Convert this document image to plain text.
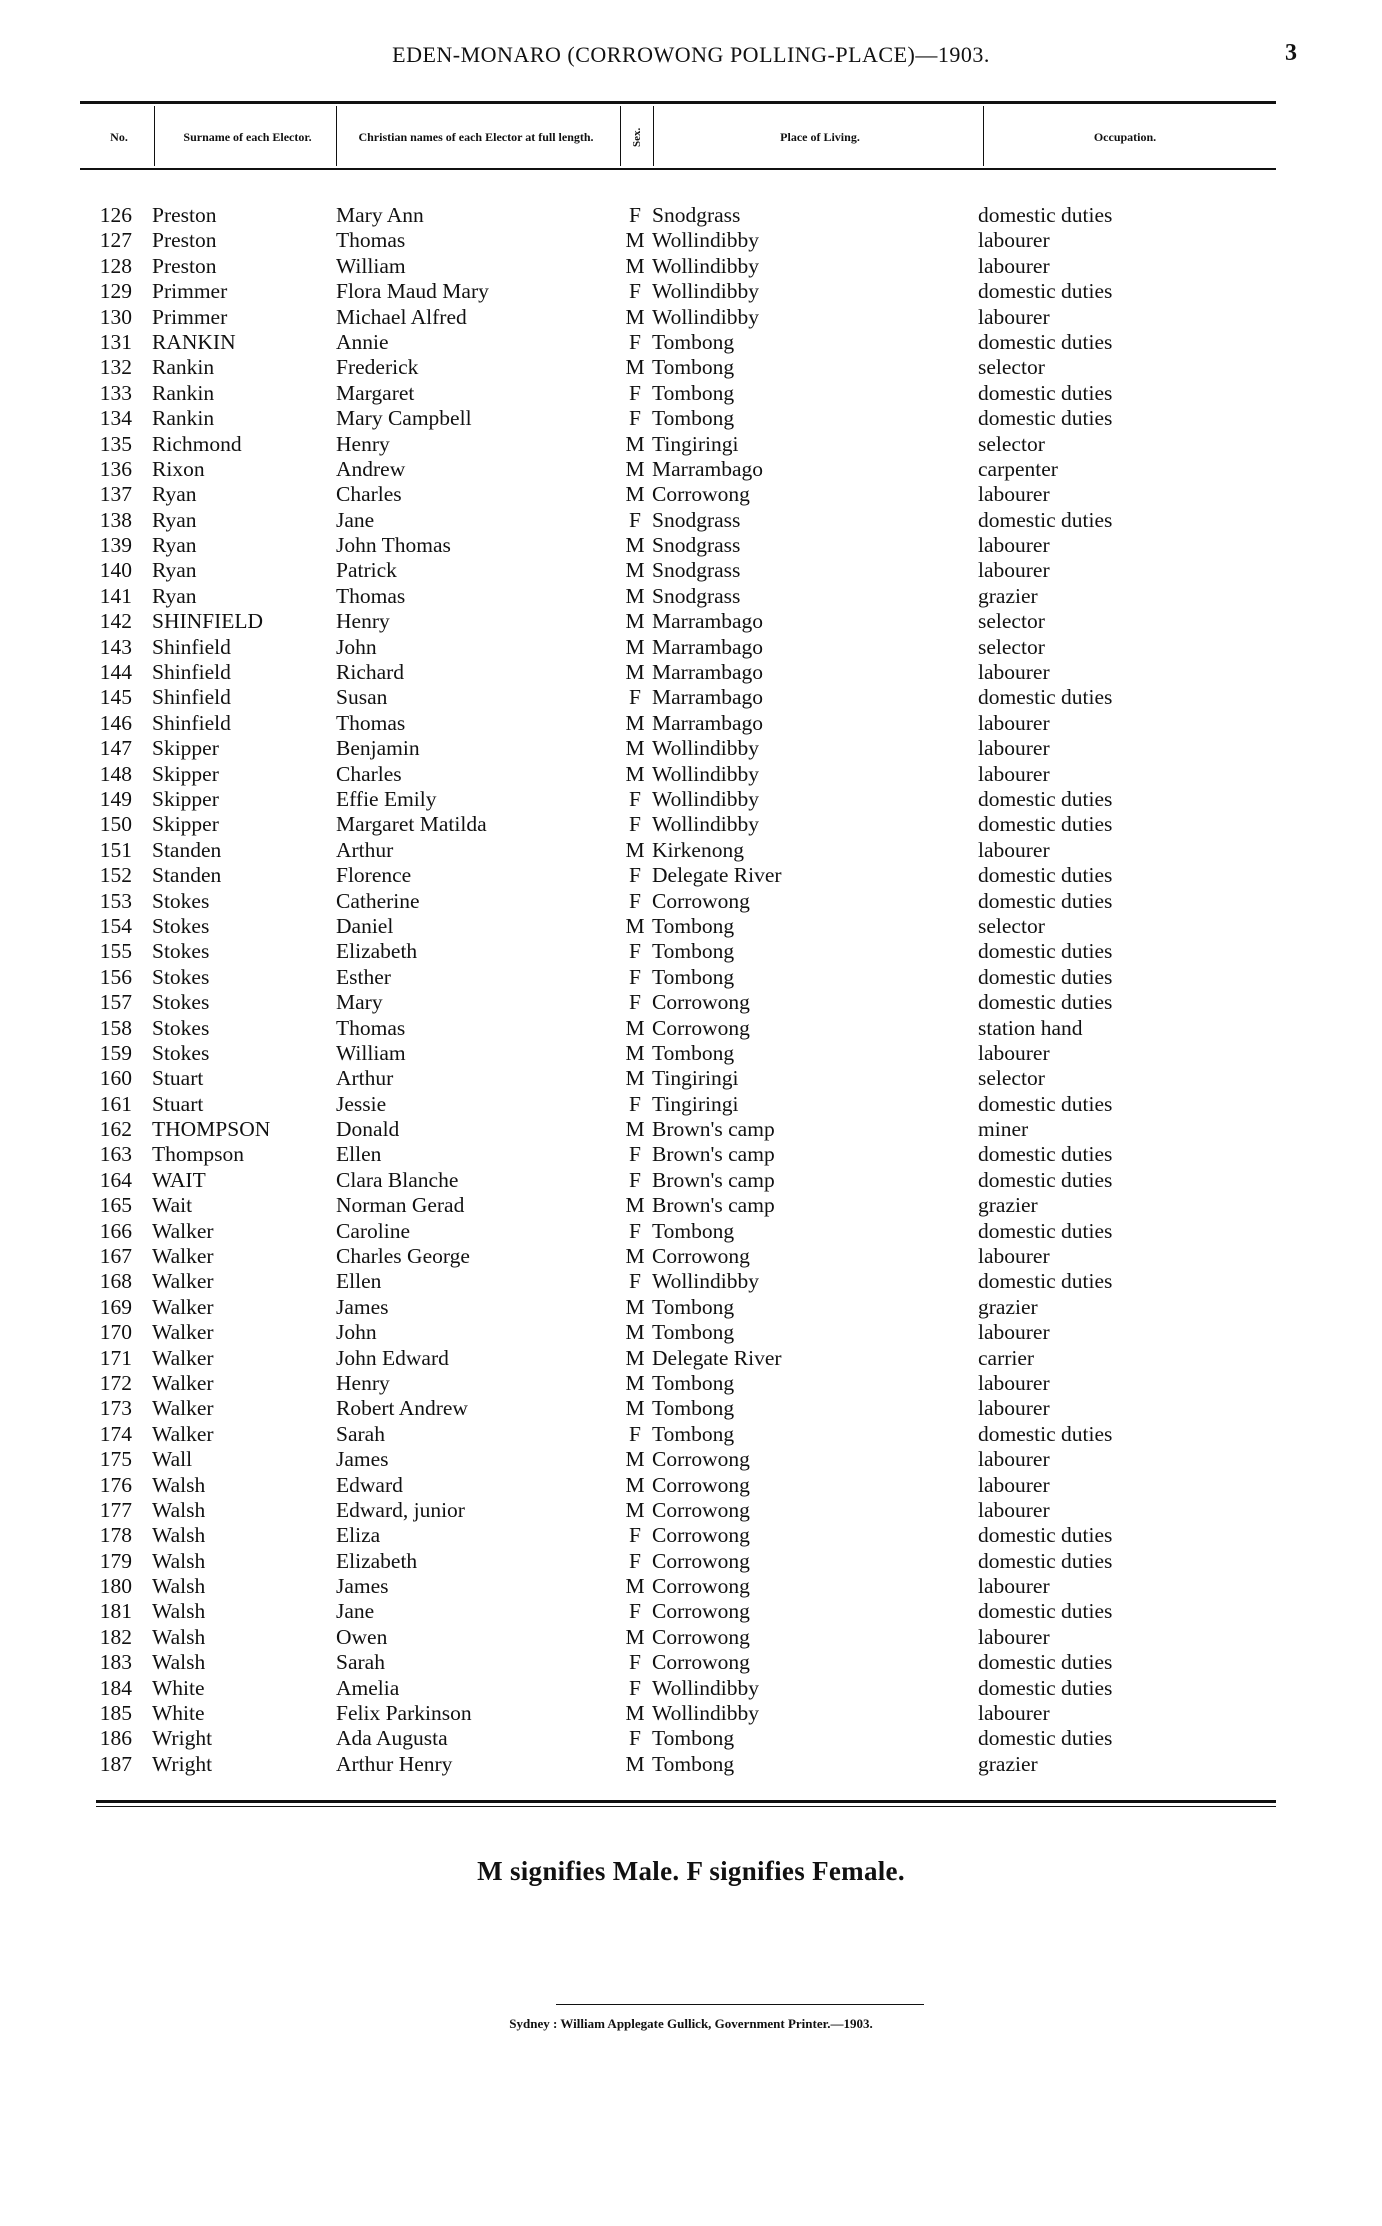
EDEN-MONARO (CORROWONG POLLING-PLACE)—1903.	3
No.	Surname of each Elector.	Christian names of each Elector at full length.	Sex.	Place of Living.	Occupation.
126 Preston	Mary Ann	F Snodgrass	domestic duties
127 Preston	Thomas	M Wollindibby	labourer
128 Preston	William	M Wollindibby	labourer
129 Primmer	Flora Maud Mary	F Wollindibby	domestic duties
130 Primmer	Michael Alfred	M Wollindibby	labourer
131 RANKIN	Annie	F Tombong	domestic duties
132 Rankin	Frederick	M Tombong	selector
133 Rankin	Margaret	F Tombong	domestic duties
134 Rankin	Mary Campbell	F Tombong	domestic duties
135 Richmond	Henry	M Tingiringi	selector
136 Rixon	Andrew	M Marrambago	carpenter
137 Ryan	Charles	M Corrowong	labourer
138 Ryan	Jane	F Snodgrass	domestic duties
139 Ryan	John Thomas	M Snodgrass	labourer
140 Ryan	Patrick	M Snodgrass	labourer
141 Ryan	Thomas	M Snodgrass	grazier
142 SHINFIELD	Henry	M Marrambago	selector
143 Shinfield	John	M Marrambago	selector
144 Shinfield	Richard	M Marrambago	labourer
145 Shinfield	Susan	F Marrambago	domestic duties
146 Shinfield	Thomas	M Marrambago	labourer
147 Skipper	Benjamin	M Wollindibby	labourer
148 Skipper	Charles	M Wollindibby	labourer
149 Skipper	Effie Emily	F Wollindibby	domestic duties
150 Skipper	Margaret Matilda	F Wollindibby	domestic duties
151 Standen	Arthur	M Kirkenong	labourer
152 Standen	Florence	F Delegate River	domestic duties
153 Stokes	Catherine	F Corrowong	domestic duties
154 Stokes	Daniel	M Tombong	selector
155 Stokes	Elizabeth	F Tombong	domestic duties
156 Stokes	Esther	F Tombong	domestic duties
157 Stokes	Mary	F Corrowong	domestic duties
158 Stokes	Thomas	M Corrowong	station hand
159 Stokes	William	M Tombong	labourer
160 Stuart	Arthur	M Tingiringi	selector
161 Stuart	Jessie	F Tingiringi	domestic duties
162 THOMPSON	Donald	M Brown's camp	miner
163 Thompson	Ellen	F Brown's camp	domestic duties
164 WAIT	Clara Blanche	F Brown's camp	domestic duties
165 Wait	Norman Gerad	M Brown's camp	grazier
166 Walker	Caroline	F Tombong	domestic duties
167 Walker	Charles George	M Corrowong	labourer
168 Walker	Ellen	F Wollindibby	domestic duties
169 Walker	James	M Tombong	grazier
170 Walker	John	M Tombong	labourer
171 Walker	John Edward	M Delegate River	carrier
172 Walker	Henry	M Tombong	labourer
173 Walker	Robert Andrew	M Tombong	labourer
174 Walker	Sarah	F Tombong	domestic duties
175 Wall	James	M Corrowong	labourer
176 Walsh	Edward	M Corrowong	labourer
177 Walsh	Edward, junior	M Corrowong	labourer
178 Walsh	Eliza	F Corrowong	domestic duties
179 Walsh	Elizabeth	F Corrowong	domestic duties
180 Walsh	James	M Corrowong	labourer
181 Walsh	Jane	F Corrowong	domestic duties
182 Walsh	Owen	M Corrowong	labourer
183 Walsh	Sarah	F Corrowong	domestic duties
184 White	Amelia	F Wollindibby	domestic duties
185 White	Felix Parkinson	M Wollindibby	labourer
186 Wright	Ada Augusta	F Tombong	domestic duties
187 Wright	Arthur Henry	M Tombong	grazier
M signifies Male. F signifies Female.
Sydney : William Applegate Gullick, Government Printer.—1903.
